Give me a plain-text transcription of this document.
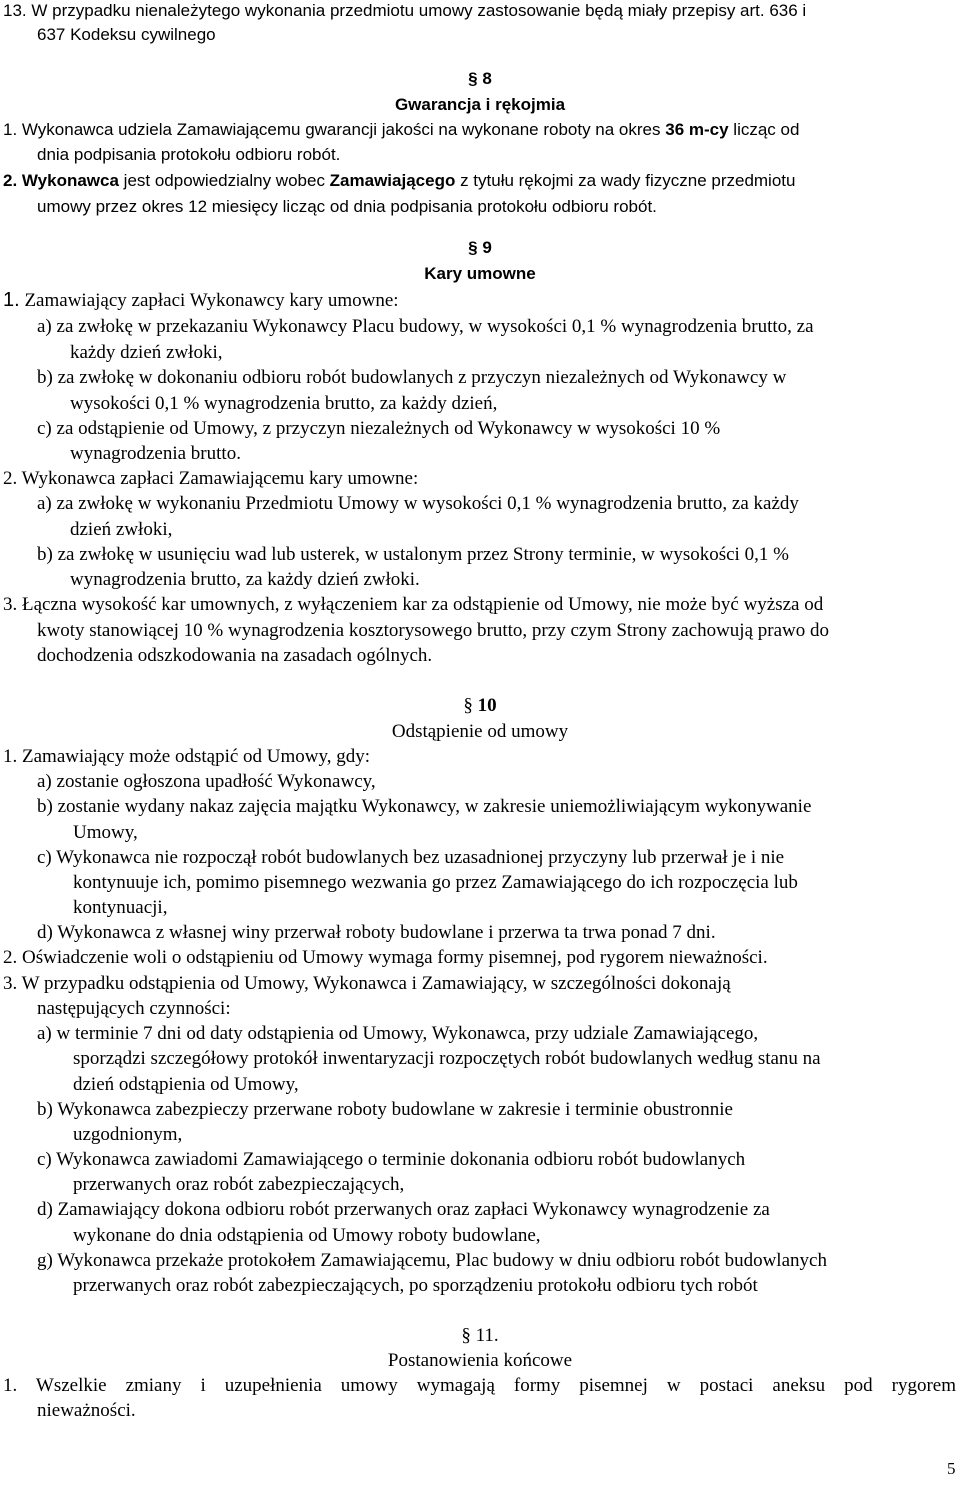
13. W przypadku nienależytego wykonania przedmiotu umowy zastosowanie będą miały przepisy art. 636 i
637 Kodeksu cywilnego
§ 8
Gwarancja i rękojmia
1. Wykonawca udziela Zamawiającemu gwarancji jakości na wykonane roboty na okres 36 m-cy licząc od
dnia podpisania protokołu odbioru robót.
2. Wykonawca jest odpowiedzialny wobec Zamawiającego z tytułu rękojmi za wady fizyczne przedmiotu
umowy przez okres 12 miesięcy licząc od dnia podpisania protokołu odbioru robót.
§ 9
Kary umowne
1. Zamawiający zapłaci Wykonawcy kary umowne:
a) za zwłokę w przekazaniu Wykonawcy Placu budowy, w wysokości 0,1 % wynagrodzenia brutto, za
każdy dzień zwłoki,
b) za zwłokę w dokonaniu odbioru robót budowlanych z przyczyn niezależnych od Wykonawcy w
wysokości 0,1 % wynagrodzenia brutto, za każdy dzień,
c) za odstąpienie od Umowy, z przyczyn niezależnych od Wykonawcy w wysokości 10 %
wynagrodzenia brutto.
2. Wykonawca zapłaci Zamawiającemu kary umowne:
a) za zwłokę w wykonaniu Przedmiotu Umowy w wysokości 0,1 % wynagrodzenia brutto, za każdy
dzień zwłoki,
b) za zwłokę w usunięciu wad lub usterek, w ustalonym przez Strony terminie, w wysokości 0,1 %
wynagrodzenia brutto, za każdy dzień zwłoki.
3. Łączna wysokość kar umownych, z wyłączeniem kar za odstąpienie od Umowy, nie może być wyższa od
kwoty stanowiącej 10 % wynagrodzenia kosztorysowego brutto, przy czym Strony zachowują prawo do
dochodzenia odszkodowania na zasadach ogólnych.
§ 10
Odstąpienie od umowy
1. Zamawiający może odstąpić od Umowy, gdy:
a) zostanie ogłoszona upadłość Wykonawcy,
b) zostanie wydany nakaz zajęcia majątku Wykonawcy, w zakresie uniemożliwiającym wykonywanie
Umowy,
c) Wykonawca nie rozpoczął robót budowlanych bez uzasadnionej przyczyny lub przerwał je i nie
kontynuuje ich, pomimo pisemnego wezwania go przez Zamawiającego do ich rozpoczęcia lub
kontynuacji,
d) Wykonawca z własnej winy przerwał roboty budowlane i przerwa ta trwa ponad 7 dni.
2. Oświadczenie woli o odstąpieniu od Umowy wymaga formy pisemnej, pod rygorem nieważności.
3. W przypadku odstąpienia od Umowy, Wykonawca i Zamawiający, w szczególności dokonają
następujących czynności:
a) w terminie 7 dni od daty odstąpienia od Umowy, Wykonawca, przy udziale Zamawiającego,
sporządzi szczegółowy protokół inwentaryzacji rozpoczętych robót budowlanych według stanu na
dzień odstąpienia od Umowy,
b) Wykonawca zabezpieczy przerwane roboty budowlane w zakresie i terminie obustronnie
uzgodnionym,
c) Wykonawca zawiadomi Zamawiającego o terminie dokonania odbioru robót budowlanych
przerwanych oraz robót zabezpieczających,
d) Zamawiający dokona odbioru robót przerwanych oraz zapłaci Wykonawcy wynagrodzenie za
wykonane do dnia odstąpienia od Umowy roboty budowlane,
g) Wykonawca przekaże protokołem Zamawiającemu, Plac budowy w dniu odbioru robót budowlanych
przerwanych oraz robót zabezpieczających, po sporządzeniu protokołu odbioru tych robót
§ 11.
Postanowienia końcowe
1. Wszelkie zmiany i uzupełnienia umowy wymagają formy pisemnej w postaci aneksu pod rygorem
nieważności.
5
